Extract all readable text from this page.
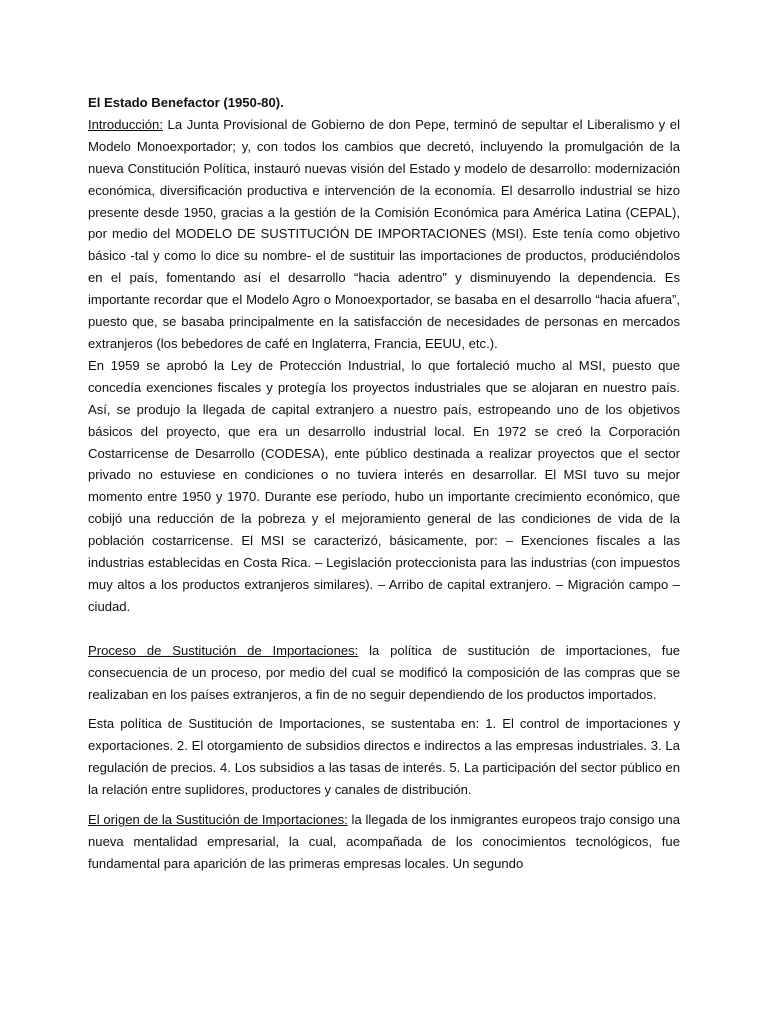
El Estado Benefactor (1950-80).

Introducción: La Junta Provisional de Gobierno de don Pepe, terminó de sepultar el Liberalismo y el Modelo Monoexportador; y, con todos los cambios que decretó, incluyendo la promulgación de la nueva Constitución Política, instauró nuevas visión del Estado y modelo de desarrollo: modernización económica, diversificación productiva e intervención de la economía. El desarrollo industrial se hizo presente desde 1950, gracias a la gestión de la Comisión Económica para América Latina (CEPAL), por medio del MODELO DE SUSTITUCIÓN DE IMPORTACIONES (MSI). Este tenía como objetivo básico -tal y como lo dice su nombre- el de sustituir las importaciones de productos, produciéndolos en el país, fomentando así el desarrollo “hacia adentro” y disminuyendo la dependencia. Es importante recordar que el Modelo Agro o Monoexportador, se basaba en el desarrollo “hacia afuera”, puesto que, se basaba principalmente en la satisfacción de necesidades de personas en mercados extranjeros (los bebedores de café en Inglaterra, Francia, EEUU, etc.).

En 1959 se aprobó la Ley de Protección Industrial, lo que fortaleció mucho al MSI, puesto que concedía exenciones fiscales y protegía los proyectos industriales que se alojaran en nuestro país. Así, se produjo la llegada de capital extranjero a nuestro país, estropeando uno de los objetivos básicos del proyecto, que era un desarrollo industrial local. En 1972 se creó la Corporación Costarricense de Desarrollo (CODESA), ente público destinada a realizar proyectos que el sector privado no estuviese en condiciones o no tuviera interés en desarrollar. El MSI tuvo su mejor momento entre 1950 y 1970. Durante ese período, hubo un importante crecimiento económico, que cobijó una reducción de la pobreza y el mejoramiento general de las condiciones de vida de la población costarricense. El MSI se caracterizó, básicamente, por: – Exenciones fiscales a las industrias establecidas en Costa Rica. – Legislación proteccionista para las industrias (con impuestos muy altos a los productos extranjeros similares). – Arribo de capital extranjero. – Migración campo – ciudad.

Proceso de Sustitución de Importaciones: la política de sustitución de importaciones, fue consecuencia de un proceso, por medio del cual se modificó la composición de las compras que se realizaban en los países extranjeros, a fin de no seguir dependiendo de los productos importados.

Esta política de Sustitución de Importaciones, se sustentaba en: 1. El control de importaciones y exportaciones. 2. El otorgamiento de subsidios directos e indirectos a las empresas industriales. 3. La regulación de precios. 4. Los subsidios a las tasas de interés. 5. La participación del sector público en la relación entre suplidores, productores y canales de distribución.

El origen de la Sustitución de Importaciones: la llegada de los inmigrantes europeos trajo consigo una nueva mentalidad empresarial, la cual, acompañada de los conocimientos tecnológicos, fue fundamental para aparición de las primeras empresas locales. Un segundo
